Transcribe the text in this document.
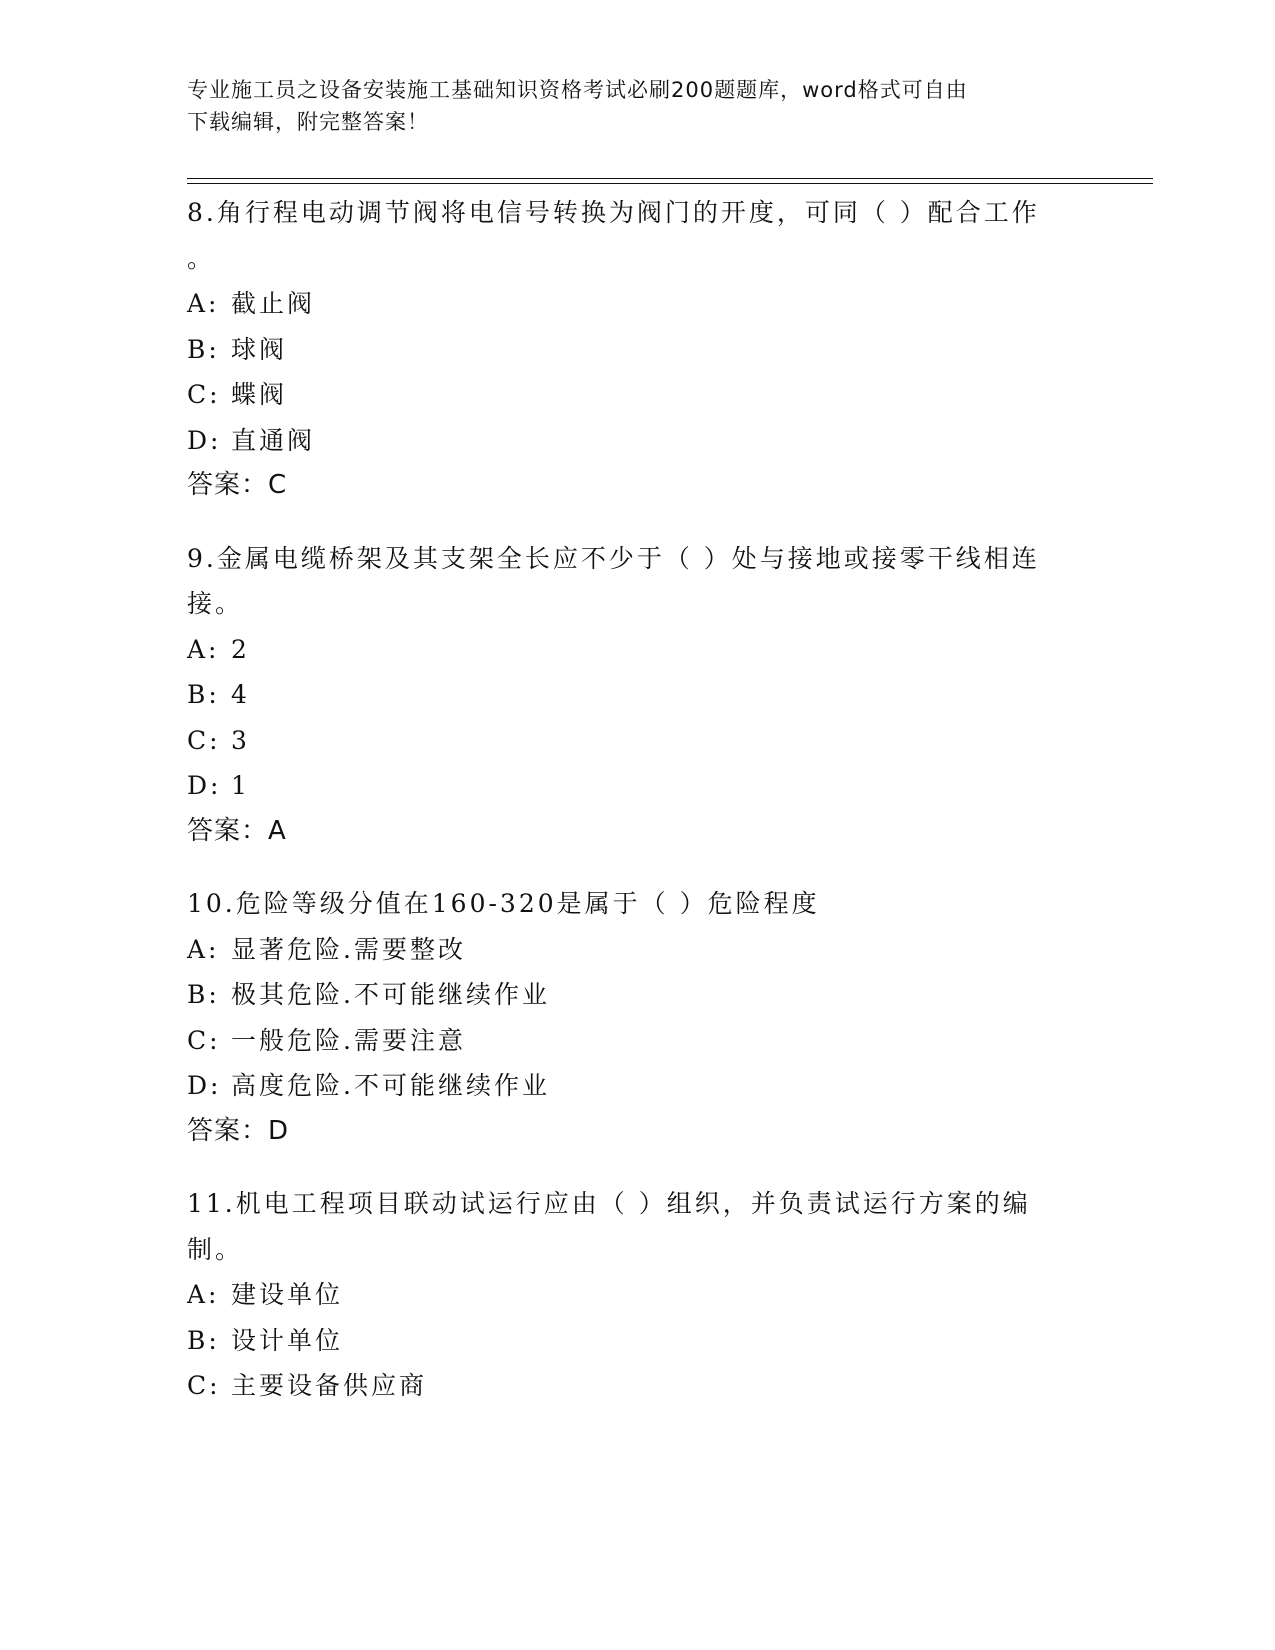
专业施工员之设备安装施工基础知识资格考试必刷200题题库，word格式可自由
下载编辑，附完整答案！
8.角行程电动调节阀将电信号转换为阀门的开度，可同（ ）配合工作
。
A: 截止阀
B: 球阀
C: 蝶阀
D: 直通阀
答案：C
9.金属电缆桥架及其支架全长应不少于（ ）处与接地或接零干线相连
接。
A: 2
B: 4
C: 3
D: 1
答案：A
10.危险等级分值在160-320是属于（ ）危险程度
A: 显著危险.需要整改
B: 极其危险.不可能继续作业
C: 一般危险.需要注意
D: 高度危险.不可能继续作业
答案：D
11.机电工程项目联动试运行应由（ ）组织，并负责试运行方案的编
制。
A: 建设单位
B: 设计单位
C: 主要设备供应商
